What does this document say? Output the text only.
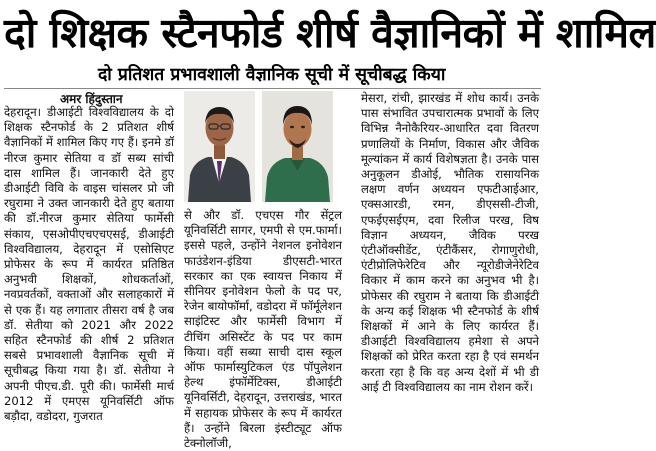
दो शिक्षक स्टैनफोर्ड शीर्ष वैज्ञानिकों में शामिल
दो प्रतिशत प्रभावशाली वैज्ञानिक सूची में सूचीबद्ध किया
अमर हिंदुस्तान
देहरादून। डीआईटी विश्वविद्यालय के दो शिक्षक स्टैनफोर्ड के 2 प्रतिशत शीर्ष वैज्ञानिकों में शामिल किए गए हैं। इनमे डॉ नीरज कुमार सेतिया व डॉ सब्य सांची दास शामिल हैं। जानकारी देते हुए डीआईटी विवि के वाइस चांसलर प्रो जी रघुरामा ने उक्त जानकारी देते हुए बताया की डॉ.नीरज कुमार सेतिया फार्मेसी संकाय, एसओपीएचएचएसई, डीआईटी विश्वविद्यालय, देहरादून में एसोसिएट प्रोफेसर के रूप में कार्यरत प्रतिष्ठित अनुभवी शिक्षकों, शोधकर्ताओं, नवप्रवर्तकों, वक्ताओं और सलाहकारों में से एक हैं। यह लगातार तीसरा वर्ष है जब डॉ. सेतीया को 2021 और 2022 सहित स्टैनफोर्ड की शीर्ष 2 प्रतिशत सबसे प्रभावशाली वैज्ञानिक सूची में सूचीबद्ध किया गया है। डॉ. सेतीया ने अपनी पीएच.डी. पूरी की। फार्मेसी मार्च 2012 में एमएस यूनिवर्सिटी ऑफ बड़ौदा, वडोदरा, गुजरात
से और डॉ. एचएस गौर सेंट्रल यूनिवर्सिटी सागर, एमपी से एम.फार्मा। इससे पहले, उन्होंने नेशनल इनोवेशन फाउंडेशन-इंडिया डीएसटी-भारत सरकार का एक स्वायत्त निकाय में सीनियर इनोवेशन फेलो के पद पर, रेजेन बायोफॉर्मा, वडोदरा में फॉर्मूलेशन साइंटिस्ट और फार्मेसी विभाग में टीचिंग असिस्टेंट के पद पर काम किया। वहीं सब्या साची दास स्कूल ऑफ फार्मास्युटिकल एंड पॉपुलेशन हेल्थ इंफॉर्मेटिक्स, डीआईटी यूनिवर्सिटी, देहरादून, उत्तराखंड, भारत में सहायक प्रोफेसर के रूप में कार्यरत हैं। उन्होंने बिरला इंस्टीट्यूट ऑफ टेक्नोलॉजी,
मेसरा, रांची, झारखंड में शोध कार्य। उनके पास संभावित उपचारात्मक प्रभावों के लिए विभिन्न नैनोकैरियर-आधारित दवा वितरण प्रणालियों के निर्माण, विकास और जैविक मूल्यांकन में कार्य विशेषज्ञता है। उनके पास अनुकूलन डीओई, भौतिक रासायनिक लक्षण वर्णन अध्ययन एफटीआईआर, एक्सआरडी, रमन, डीएससी-टीजी, एफईएसईएम, दवा रिलीज परख, विष विज्ञान अध्ययन, जैविक परख एंटीऑक्सीडेंट, एंटीकैंसर, रोगाणुरोधी, एंटीप्रोलिफेरेटिव और न्यूरोडीजेनेरेटिव विकार में काम करने का अनुभव भी है। प्रोफेसर की रघुराम ने बताया कि डीआईटी के अन्य कई शिक्षक भी स्टैनफोर्ड के शीर्ष शिक्षकों में आने के लिए कार्यरत हैं। डीआईटी विश्वविद्यालय हमेशा से अपने शिक्षकों को प्रेरित करता रहा है एवं समर्थन करता रहा है कि वह अन्य देशों में भी डी आई टी विश्वविद्यालय का नाम रोशन करें।
